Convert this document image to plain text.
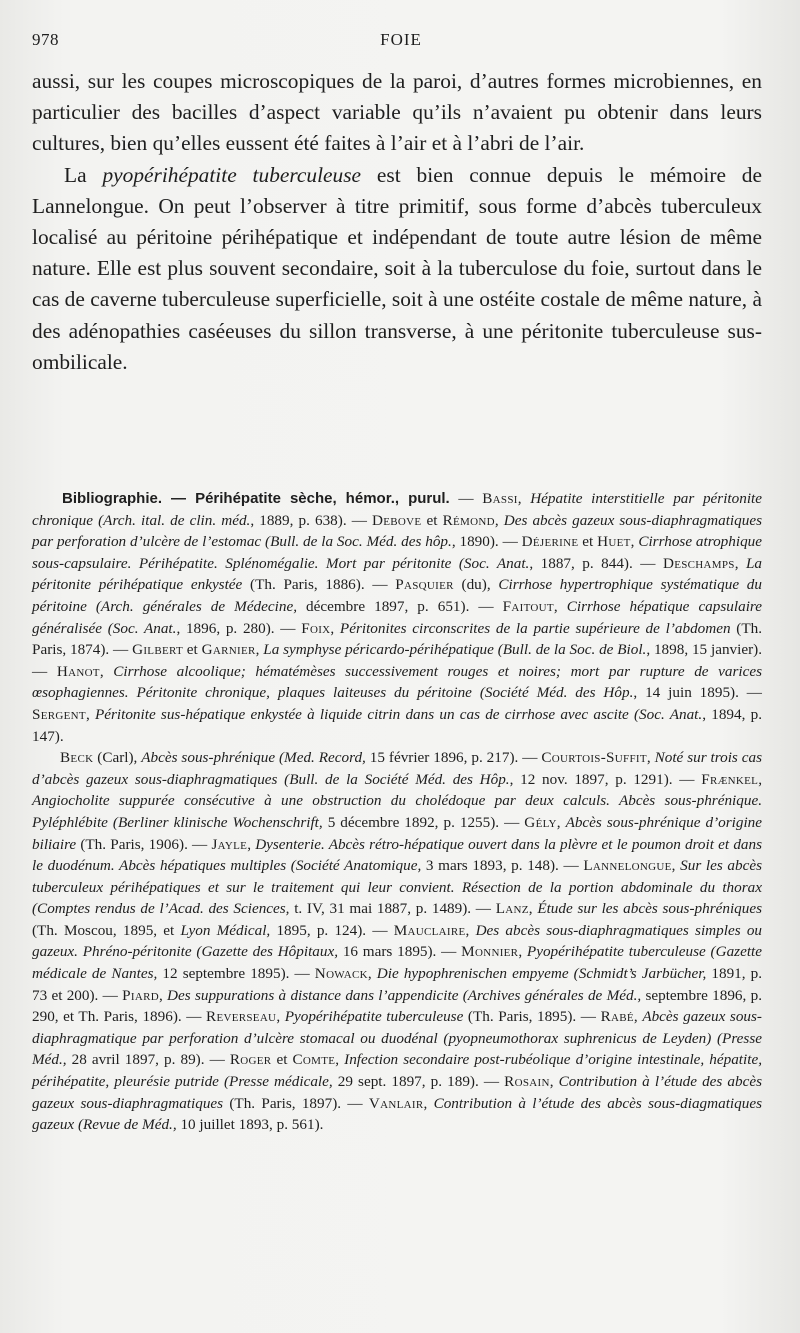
978	FOIE

aussi, sur les coupes microscopiques de la paroi, d’autres formes microbiennes, en particulier des bacilles d’aspect variable qu’ils n’avaient pu obtenir dans leurs cultures, bien qu’elles eussent été faites à l’air et à l’abri de l’air.

La pyopérihépatite tuberculeuse est bien connue depuis le mémoire de Lannelongue. On peut l’observer à titre primitif, sous forme d’abcès tuberculeux localisé au péritoine périhépatique et indépendant de toute autre lésion de même nature. Elle est plus souvent secondaire, soit à la tuberculose du foie, surtout dans le cas de caverne tuberculeuse superficielle, soit à une ostéite costale de même nature, à des adénopathies caséeuses du sillon transverse, à une péritonite tuberculeuse sus-ombilicale.

Bibliographie. — Périhépatite sèche, hémor., purul. — Bassi, Hépatite interstitielle par péritonite chronique (Arch. ital. de clin. méd., 1889, p. 638). — Debove et Rémond, Des abcès gazeux sous-diaphragmatiques par perforation d’ulcère de l’estomac (Bull. de la Soc. Méd. des hôp., 1890). — Déjerine et Huet, Cirrhose atrophique sous-capsulaire. Périhépatite. Splénomégalie. Mort par péritonite (Soc. Anat., 1887, p. 844). — Deschamps, La péritonite périhépatique enkystée (Th. Paris, 1886). — Pasquier (du), Cirrhose hypertrophique systématique du péritoine (Arch. générales de Médecine, décembre 1897, p. 651). — Faitout, Cirrhose hépatique capsulaire généralisée (Soc. Anat., 1896, p. 280). — Foix, Péritonites circonscrites de la partie supérieure de l’abdomen (Th. Paris, 1874). — Gilbert et Garnier, La symphyse péricardo-périhépatique (Bull. de la Soc. de Biol., 1898, 15 janvier). — Hanot, Cirrhose alcoolique; hématémèses successivement rouges et noires; mort par rupture de varices œsophagiennes. Péritonite chronique, plaques laiteuses du péritoine (Société Méd. des Hôp., 14 juin 1895). — Sergent, Péritonite sus-hépatique enkystée à liquide citrin dans un cas de cirrhose avec ascite (Soc. Anat., 1894, p. 147).

Beck (Carl), Abcès sous-phrénique (Med. Record, 15 février 1896, p. 217). — Courtois-Suffit, Noté sur trois cas d’abcès gazeux sous-diaphragmatiques (Bull. de la Société Méd. des Hôp., 12 nov. 1897, p. 1291). — Frænkel, Angiocholite suppurée consécutive à une obstruction du cholédoque par deux calculs. Abcès sous-phrénique. Pyléphlébite (Berliner klinische Wochenschrift, 5 décembre 1892, p. 1255). — Gély, Abcès sous-phrénique d’origine biliaire (Th. Paris, 1906). — Jayle, Dysenterie. Abcès rétro-hépatique ouvert dans la plèvre et le poumon droit et dans le duodénum. Abcès hépatiques multiples (Société Anatomique, 3 mars 1893, p. 148). — Lannelongue, Sur les abcès tuberculeux périhépatiques et sur le traitement qui leur convient. Résection de la portion abdominale du thorax (Comptes rendus de l’Acad. des Sciences, t. IV, 31 mai 1887, p. 1489). — Lanz, Étude sur les abcès sous-phréniques (Th. Moscou, 1895, et Lyon Médical, 1895, p. 124). — Mauclaire, Des abcès sous-diaphragmatiques simples ou gazeux. Phréno-péritonite (Gazette des Hôpitaux, 16 mars 1895). — Monnier, Pyopérihépatite tuberculeuse (Gazette médicale de Nantes, 12 septembre 1895). — Nowack, Die hypophrenischen empyeme (Schmidt’s Jarbücher, 1891, p. 73 et 200). — Piard, Des suppurations à distance dans l’appendicite (Archives générales de Méd., septembre 1896, p. 290, et Th. Paris, 1896). — Reverseau, Pyopérihépatite tuberculeuse (Th. Paris, 1895). — Rabé, Abcès gazeux sous-diaphragmatique par perforation d’ulcère stomacal ou duodénal (pyopneumothorax suphrenicus de Leyden) (Presse Méd., 28 avril 1897, p. 89). — Roger et Comte, Infection secondaire post-rubéolique d’origine intestinale, hépatite, périhépatite, pleurésie putride (Presse médicale, 29 sept. 1897, p. 189). — Rosain, Contribution à l’étude des abcès gazeux sous-diaphragmatiques (Th. Paris, 1897). — Vanlair, Contribution à l’étude des abcès sous-diagmatiques gazeux (Revue de Méd., 10 juillet 1893, p. 561).
